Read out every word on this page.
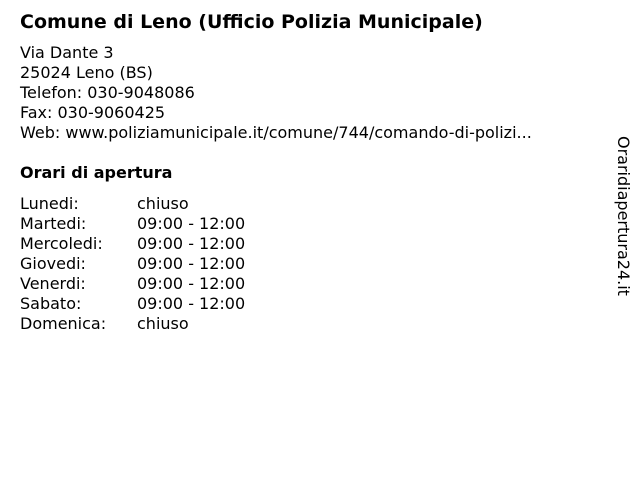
Comune di Leno (Ufficio Polizia Municipale)
Via Dante 3
25024 Leno (BS)
Telefon: 030-9048086
Fax: 030-9060425
Web: www.poliziamunicipale.it/comune/744/comando-di-polizi...
Orari di apertura
Lunedi:	chiuso
Martedi:	09:00 - 12:00
Mercoledi:	09:00 - 12:00
Giovedi:	09:00 - 12:00
Venerdi:	09:00 - 12:00
Sabato:	09:00 - 12:00
Domenica:	chiuso
Oraridiapertura24.it
